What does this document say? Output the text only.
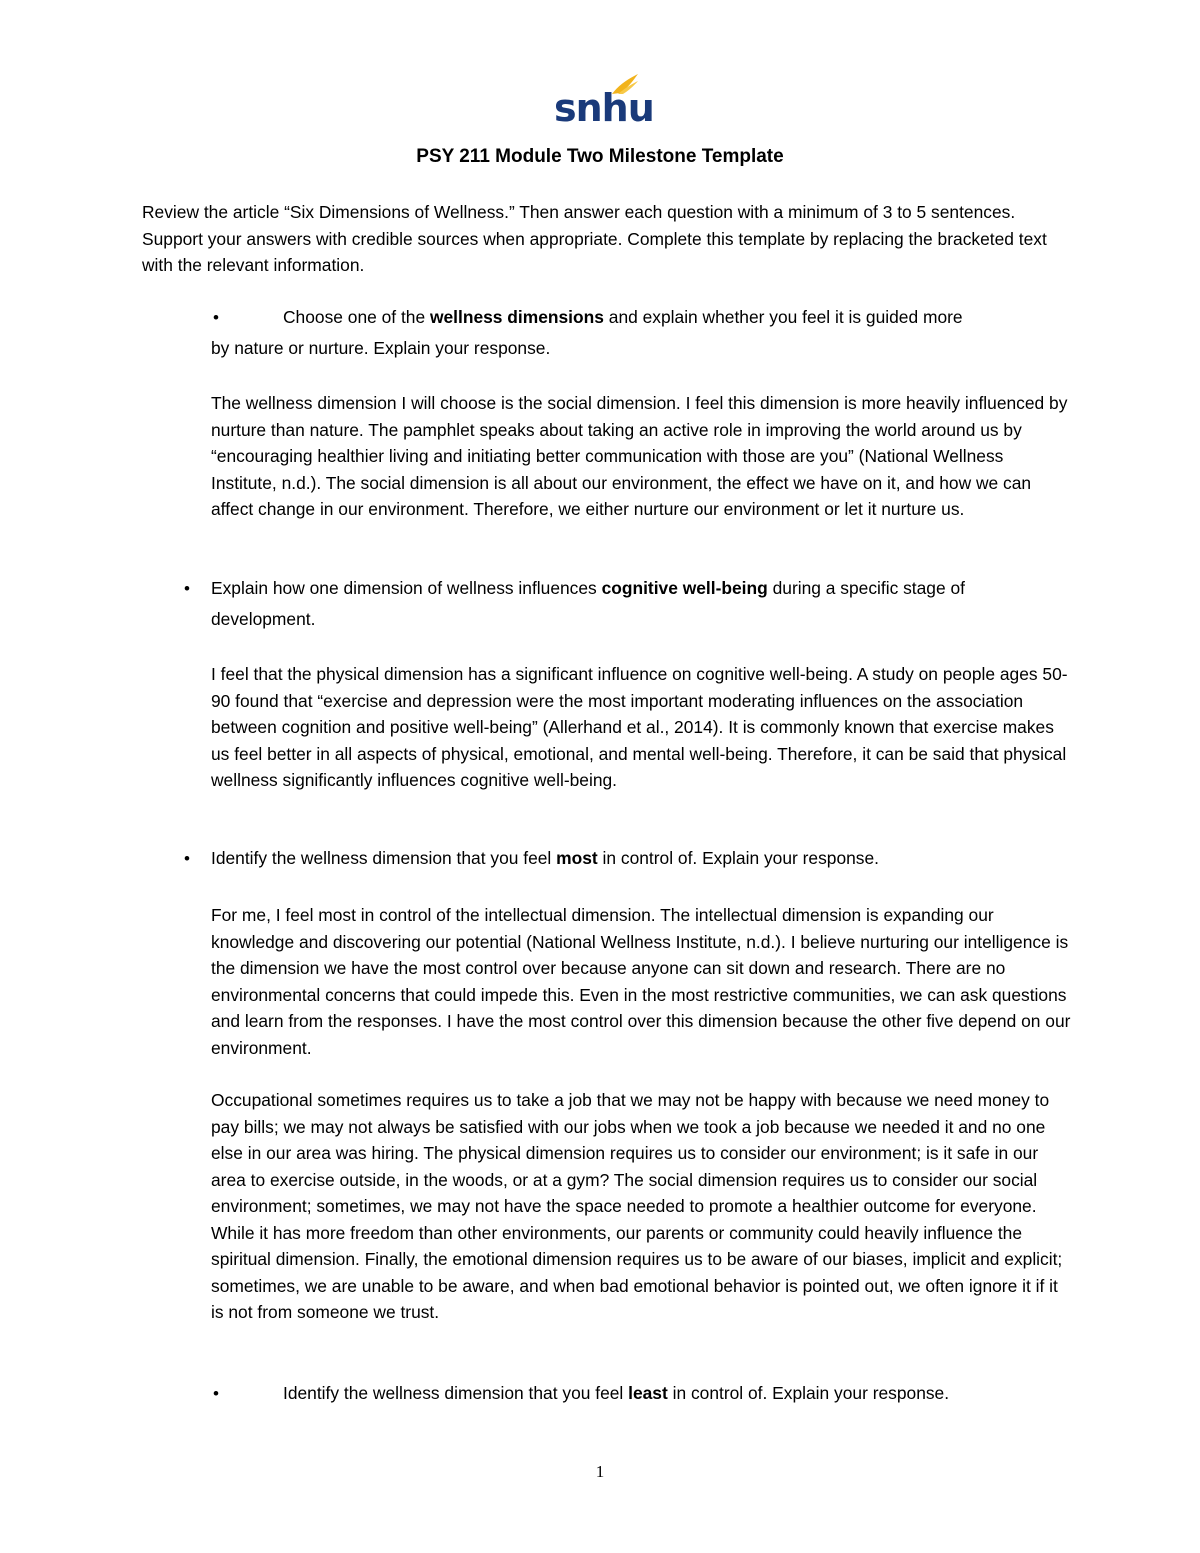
snhu
PSY 211 Module Two Milestone Template
Review the article “Six Dimensions of Wellness.” Then answer each question with a minimum of 3 to 5 sentences. Support your answers with credible sources when appropriate. Complete this template by replacing the bracketed text with the relevant information.
•	Choose one of the wellness dimensions and explain whether you feel it is guided more
by nature or nurture. Explain your response.
The wellness dimension I will choose is the social dimension. I feel this dimension is more heavily influenced by nurture than nature. The pamphlet speaks about taking an active role in improving the world around us by “encouraging healthier living and initiating better communication with those are you” (National Wellness Institute, n.d.). The social dimension is all about our environment, the effect we have on it, and how we can affect change in our environment. Therefore, we either nurture our environment or let it nurture us.
• Explain how one dimension of wellness influences cognitive well-being during a specific stage of
development.
I feel that the physical dimension has a significant influence on cognitive well-being. A study on people ages 50-90 found that “exercise and depression were the most important moderating influences on the association between cognition and positive well-being” (Allerhand et al., 2014). It is commonly known that exercise makes us feel better in all aspects of physical, emotional, and mental well-being. Therefore, it can be said that physical wellness significantly influences cognitive well-being.
• Identify the wellness dimension that you feel most in control of. Explain your response.
For me, I feel most in control of the intellectual dimension. The intellectual dimension is expanding our knowledge and discovering our potential (National Wellness Institute, n.d.). I believe nurturing our intelligence is the dimension we have the most control over because anyone can sit down and research. There are no environmental concerns that could impede this. Even in the most restrictive communities, we can ask questions and learn from the responses. I have the most control over this dimension because the other five depend on our environment.
Occupational sometimes requires us to take a job that we may not be happy with because we need money to pay bills; we may not always be satisfied with our jobs when we took a job because we needed it and no one else in our area was hiring. The physical dimension requires us to consider our environment; is it safe in our area to exercise outside, in the woods, or at a gym? The social dimension requires us to consider our social environment; sometimes, we may not have the space needed to promote a healthier outcome for everyone. While it has more freedom than other environments, our parents or community could heavily influence the spiritual dimension. Finally, the emotional dimension requires us to be aware of our biases, implicit and explicit; sometimes, we are unable to be aware, and when bad emotional behavior is pointed out, we often ignore it if it is not from someone we trust.
•	Identify the wellness dimension that you feel least in control of. Explain your response.
1
